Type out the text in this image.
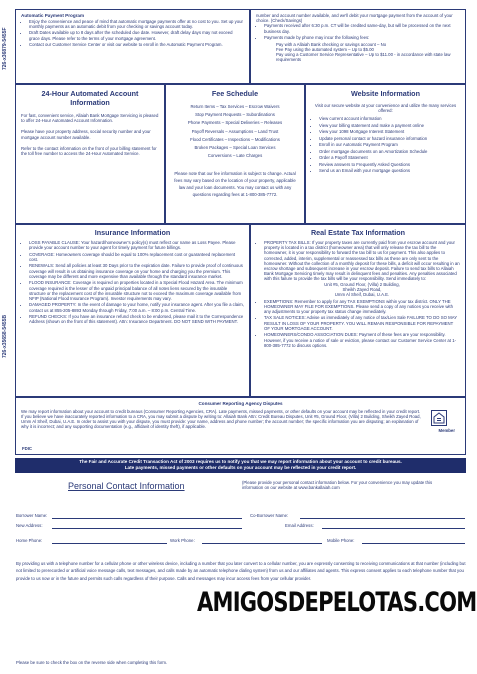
726-x36879-5455F
726-x35658-5455B
Automatic Payment Program
• Enjoy the convenience and peace of mind that automatic mortgage payments offer at no cost to you. Set up your monthly payments as an automatic debit from your checking or savings account today.
• Draft Dates available up to 8 days after the scheduled due date. However, draft delay days may not exceed grace days. Please refer to the terms of your mortgage agreement.
• Contact our Customer Service Center or visit our website to enroll in the Automatic Payment Program.
number and account number available, and we'll debit your mortgage payment from the account of your choice. (Check/Savings)
• Payments received after 6:30 p.m. CT will be credited same-day, but will be processed on the next business day.
• Payments made by phone may incur the following fees:
Pay with a Allaiah Bank checking or savings account – No
Fee Pay using the automated system – Up to $5.00
Pay using a Customer Service Representative – Up to $11.00 - in accordance with state law requirements
24-Hour Automated Account Information
For fast, convenient service, Allaiah Bank Mortgage Servicing is pleased to offer 24-Hour Automated Account Information.
Please have your property address, social security number and your mortgage account number available.
Refer to the contact information on the front of your billing statement for the toll free number to access the 24-Hour Automated Service.
Fee Schedule
Return Items – Tax Services – Escrow Waivers
Stop Payment Requests – Subordinations
Phone Payments – Special Deliveries – Releases
Payoff Reversals – Assumptions – Land Trust
Flood Certificates – Inspections – Modifications
Broken Packages – Special Loan Services
Conversions – Late Charges
Please note that our fee information is subject to change. Actual fees may vary based on the location of your property, applicable law and your loan documents. You may contact us with any questions regarding fees at 1-800-385-7772.
Website Information
Visit our secure website at your convenience and utilize the many services offered:
• View current account information
• View your billing statement and make a payment online
• View your 1098 Mortgage Interest Statement
• Update personal contact or hazard insurance information
• Enroll in our Automatic Payment Program
• Order mortgage documents on an Amortization Schedule
• Order a Payoff Statement
• Review answers to Frequently Asked Questions
• Send us an Email with your mortgage questions
Insurance Information
• LOSS PAYABLE CLAUSE: Your hazard/homeowner's policy(s) must reflect our name as Loss Payee. Please provide your account number to your agent for timely payment for future billings.
• COVERAGE: Homeowners coverage should be equal to 100% replacement cost or guaranteed replacement cost.
• RENEWALS: Send all policies at least 30 Days prior to the expiration date. Failure to provide proof of continuous coverage will result in us obtaining insurance coverage on your home and charging you the premium. This coverage may be different and more expensive than available through the standard insurance market.
• FLOOD INSURANCE: Coverage is required on properties located in a Special Flood Hazard Area. The minimum coverage required is the lesser of the unpaid principal balance of all notes liens secured by the insurable structure or the replacement cost of the insurable structure not to exceed the maximum coverage available from NFIP (National Flood Insurance Program). Investor requirements may vary.
• DAMAGED PROPERTY: In the event of damage to your home, notify your insurance agent. After you file a claim, contact us at 855-205-8893 Monday through Friday, 7:00 a.m. – 8:00 p.m. Central Time.
• REFUND CHECKS: If you have an insurance refund check to be endorsed, please mail it to the Correspondence Address (shown on the front of this statement). Attn: Insurance Department. DO NOT SEND WITH PAYMENT.
Real Estate Tax Information
• PROPERTY TAX BILLS: If your property taxes are currently paid from your escrow account and your property is located in a tax district (homeowner area) that will only release the tax bill to the homeowner, it is your responsibility to forward the tax bill to us for payment. This also applies to corrected, added, interim, supplemental or reassessed tax bills as these are only sent to the homeowner. Without the collection of a monthly deposit for these bills, a deficit will occur resulting in an escrow shortage and subsequent increase in your escrow deposit. Failure to send tax bills to Allaiah Bank Mortgage Servicing timely may result in delinquent fees and penalties. Any penalties associated with this failure to provide the tax bills will be your responsibility. Send immediately to:
Unit #5, Ground Floor, (Villa) 2 Building,
Sheikh Zayed Road,
Umm Al Sheif, Dubai, U.A.E.
• EXEMPTIONS: Remember to apply for any TAX EXEMPTIONS within your tax district. ONLY THE HOMEOWNER MAY FILE FOR EXEMPTIONS. Please send a copy of any notices you receive with any adjustments to your property tax status change immediately.
• TAX SALE NOTICES: Advise us immediately of any notice of tax/Lien Sale FAILURE TO DO SO MAY RESULT IN LOSS OF YOUR PROPERTY. YOU WILL REMAIN RESPONSIBLE FOR REPAYMENT OF YOUR MORTGAGE ACCOUNT.
• HOMEOWNERS/CONDO ASSOCIATION DUES: Payment of these fees are your responsibility. However, if you receive a notice of sale or eviction, please contact our Customer Service Center at 1-800-385-7772 to discuss options.
Consumer Reporting Agency Disputes
We may report information about your account to credit bureaus (Consumer Reporting Agencies, CRA). Late payments, missed payments, or other defaults on your account may be reflected in your credit report. If you believe we have inaccurately reported information to a CRA, you may submit a dispute by writing to: Allaiah Bank Attn: Credit Bureau Disputes, Unit #5, Ground Floor, (Villa) 2 Building, Sheikh Zayed Road, Umm Al Sheif, Dubai, U.A.E. In order to assist you with your dispute, you must provide: your name, address and phone number; the account number; the specific information you are disputing; an explanation of why it is incorrect; and any supporting documentation (e.g., affidavit of identity theft), if applicable.
FDIC
Member
The Fair and Accurate Credit Transaction Act of 2003 requires us to notify you that we may report information about your account to credit bureaus.
Late payments, missed payments or other defaults on your account may be reflected in your credit report.
Personal Contact Information	(Please provide your personal contact information below. For your convenience you may update this information on our website at www.bankallaiah.com
Borrower Name:	Co-Borrower Name:
New Address:	Email Address:
Home Phone:	Work Phone:	Mobile Phone:
By providing us with a telephone number for a cellular phone or other wireless device, including a number that you later convert to a cellular number, you are expressly consenting to receiving communications at that number (including but not limited to prerecorded or artificial voice message calls, text messages, and calls made by an automatic telephone dialing system) from us and our affiliates and agents. This express consent applies to each telephone number that you provide to us now or in the future and permits such calls regardless of their purpose. Calls and messages may incur access fees from your cellular provider.
Please be sure to check the box on the reverse side when completing this form.
AMIGOSDEPELOTAS.COM
